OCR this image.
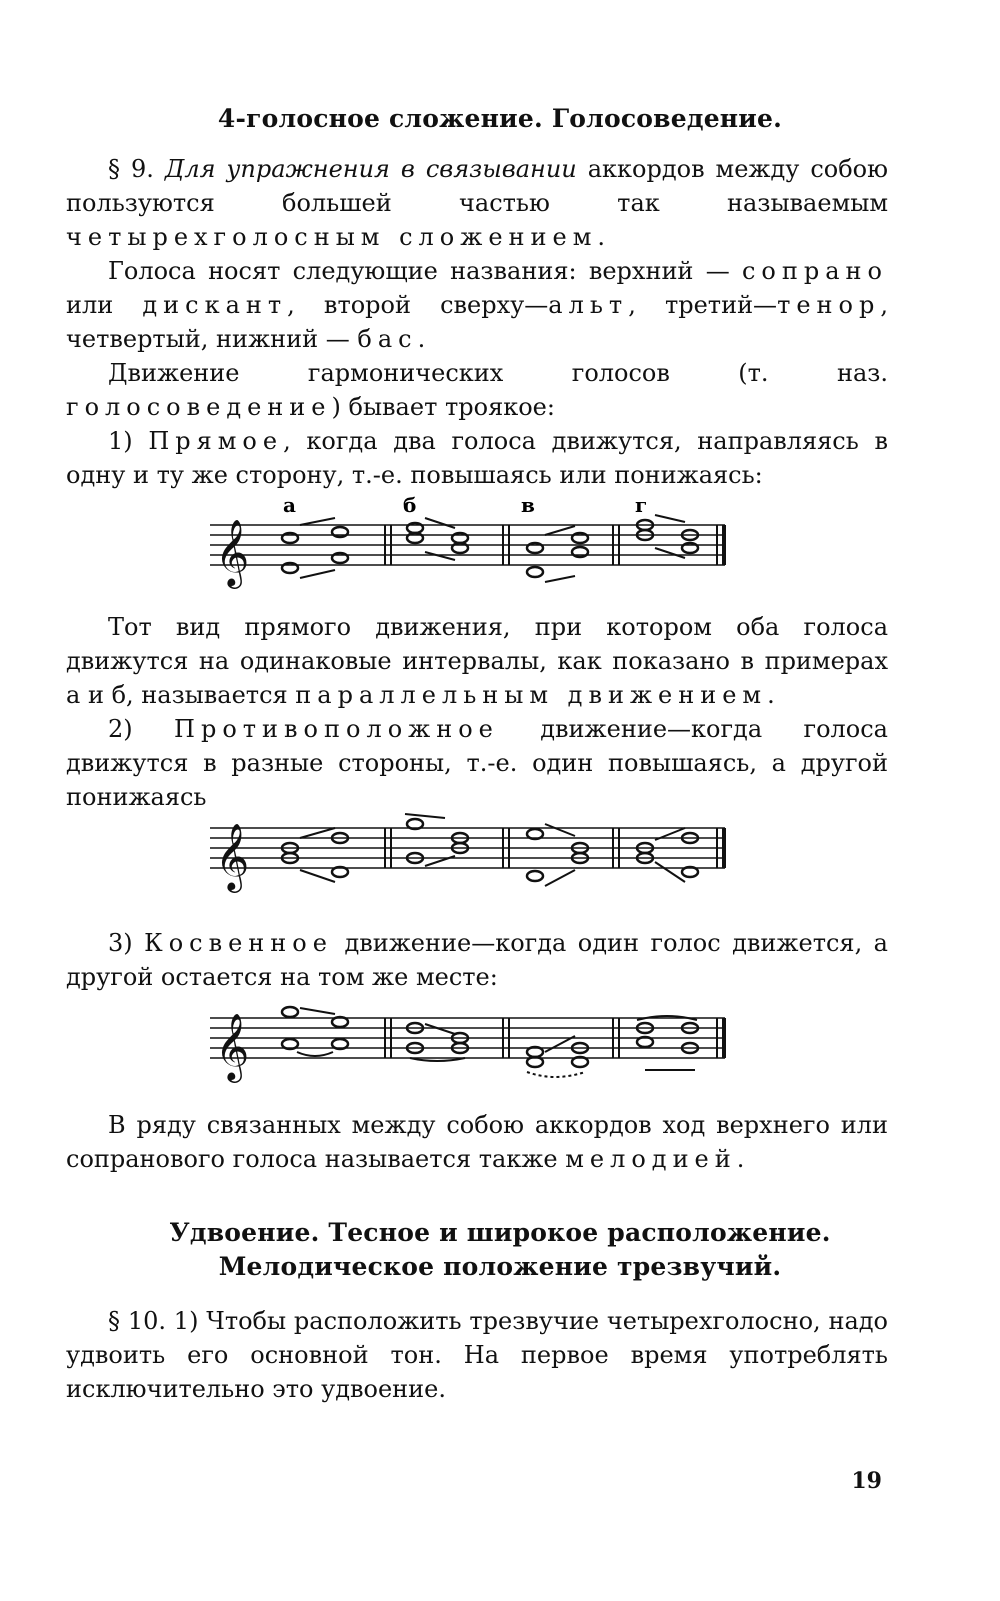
4-голосное сложение. Голосоведение.
§ 9. Для упражнения в связывании аккордов между собою пользуются большей частью так называемым четырехголосным сложением.
Голоса носят следующие названия: верхний — сопрано или дискант, второй сверху—альт, третий—тенор, четвертый, нижний — бас.
Движение гармонических голосов (т. наз. голосоведение) бывает трoякое:
1) Прямое, когда два голоса движутся, направляясь в одну и ту же сторону, т.-е. повышаясь или понижаясь:
а	б	в	г
𝄞
Тот вид прямого движения, при котором оба голоса движутся на одинаковые интервалы, как показано в примерах а и б, называется параллельным движением.
2) Противоположное движение—когда голоса движутся в разные стороны, т.-е. один повышаясь, а другой понижаясь
𝄞
3) Косвенное движение—когда один голос движется, а другой остается на том же месте:
𝄞
В ряду связанных между собою аккордов ход верхнего или сопранового голоса называется также мелодией.
Удвоение. Тесное и широкое расположение.
Мелодическое положение трезвучий.
§ 10. 1) Чтобы расположить трезвучие четырехголосно, надо удвоить его основной тон. На первое время употреблять исключительно это удвоение.
19
